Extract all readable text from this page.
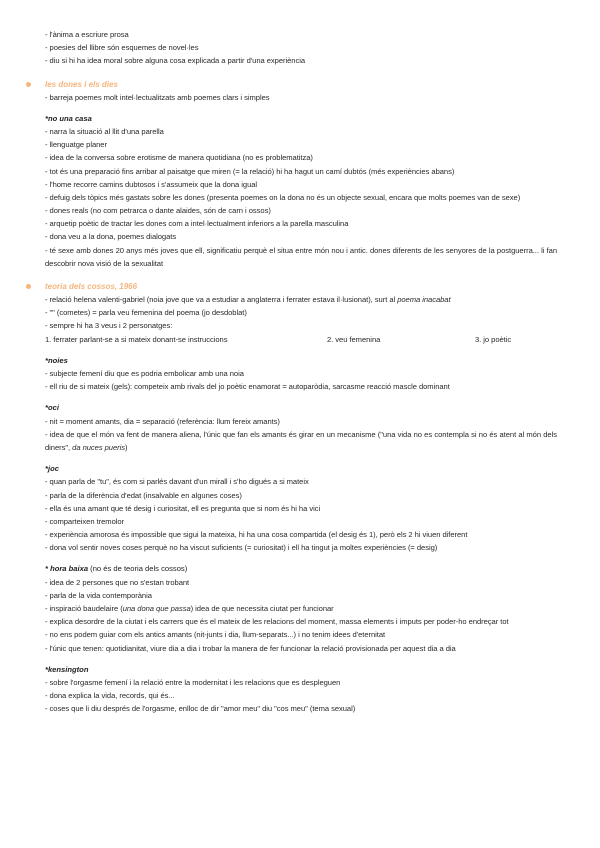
- l'ànima a escriure prosa
- poesies del llibre són esquemes de novel·les
- diu si hi ha idea moral sobre alguna cosa explicada a partir d'una experiència
les dones i els dies
- barreja poemes molt intel·lectualitzats amb poemes clars i simples
*no una casa
- narra la situació al llit d'una parella
- llenguatge planer
- idea de la conversa sobre erotisme de manera quotidiana (no es problematitza)
- tot és una preparació fins arribar al paisatge que miren (= la relació) hi ha hagut un camí dubtós (més experiències abans)
- l'home recorre camins dubtosos i s'assumeix que la dona igual
- defuig dels tòpics més gastats sobre les dones (presenta poemes on la dona no és un objecte sexual, encara que molts poemes van de sexe)
- dones reals (no com petrarca o dante alaides, són de carn i ossos)
- arquetip poètic de tractar les dones com a intel·lectualment inferiors a la parella masculina
- dona veu a la dona, poemes dialogats
- té sexe amb dones 20 anys més joves que ell, significatiu perquè el situa entre món nou i antic. dones diferents de les senyores de la postguerra... li fan descobrir nova visió de la sexualitat
teoria dels cossos, 1966
- relació helena valenti-gabriel (noia jove que va a estudiar a anglaterra i ferrater estava il·lusionat), surt al poema inacabat
- "" (cometes) = parla veu femenina del poema (jo desdoblat)
- sempre hi ha 3 veus i 2 personatges:
1. ferrater parlant-se a si mateix donant-se instruccions	2. veu femenina	3. jo poètic
*noies
- subjecte femení diu que es podria embolicar amb una noia
- ell riu de si mateix (gels): competeix amb rivals del jo poètic enamorat = autoparòdia, sarcasme reacció mascle dominant
*oci
- nit = moment amants, dia = separació (referència: llum fereix amants)
- idea de que el món va fent de manera aliena, l'únic que fan els amants és girar en un mecanisme ("una vida no es contempla si no és atent al món dels diners", da nuces pueris)
*joc
- quan parla de "tu", és com si parlés davant d'un mirall i s'ho digués a si mateix
- parla de la diferència d'edat (insalvable en algunes coses)
- ella és una amant que té desig i curiositat, ell es pregunta que si nom és hi ha vici
- comparteixen tremolor
- experiència amorosa és impossible que sigui la mateixa, hi ha una cosa compartida (el desig és 1), però els 2 hi viuen diferent
- dona vol sentir noves coses perquè no ha viscut suficients (= curiositat) i ell ha tingut ja moltes experiències (= desig)
* hora baixa (no és de teoria dels cossos)
- idea de 2 persones que no s'estan trobant
- parla de la vida contemporània
- inspiració baudelaire (una dona que passa) idea de que necessita ciutat per funcionar
- explica desordre de la ciutat i els carrers que és el mateix de les relacions del moment, massa elements i imputs per poder-ho endreçar tot
- no ens podem guiar com els antics amants (nit-junts i dia, llum-separats...) i no tenim idees d'eternitat
- l'únic que tenen: quotidianitat, viure dia a dia i trobar la manera de fer funcionar la relació provisionada per aquest dia a dia
*kensington
- sobre l'orgasme femení i la relació entre la modernitat i les relacions que es despleguen
- dona explica la vida, records, qui és...
- coses que li diu després de l'orgasme, enlloc de dir "amor meu" diu "cos meu" (tema sexual)
